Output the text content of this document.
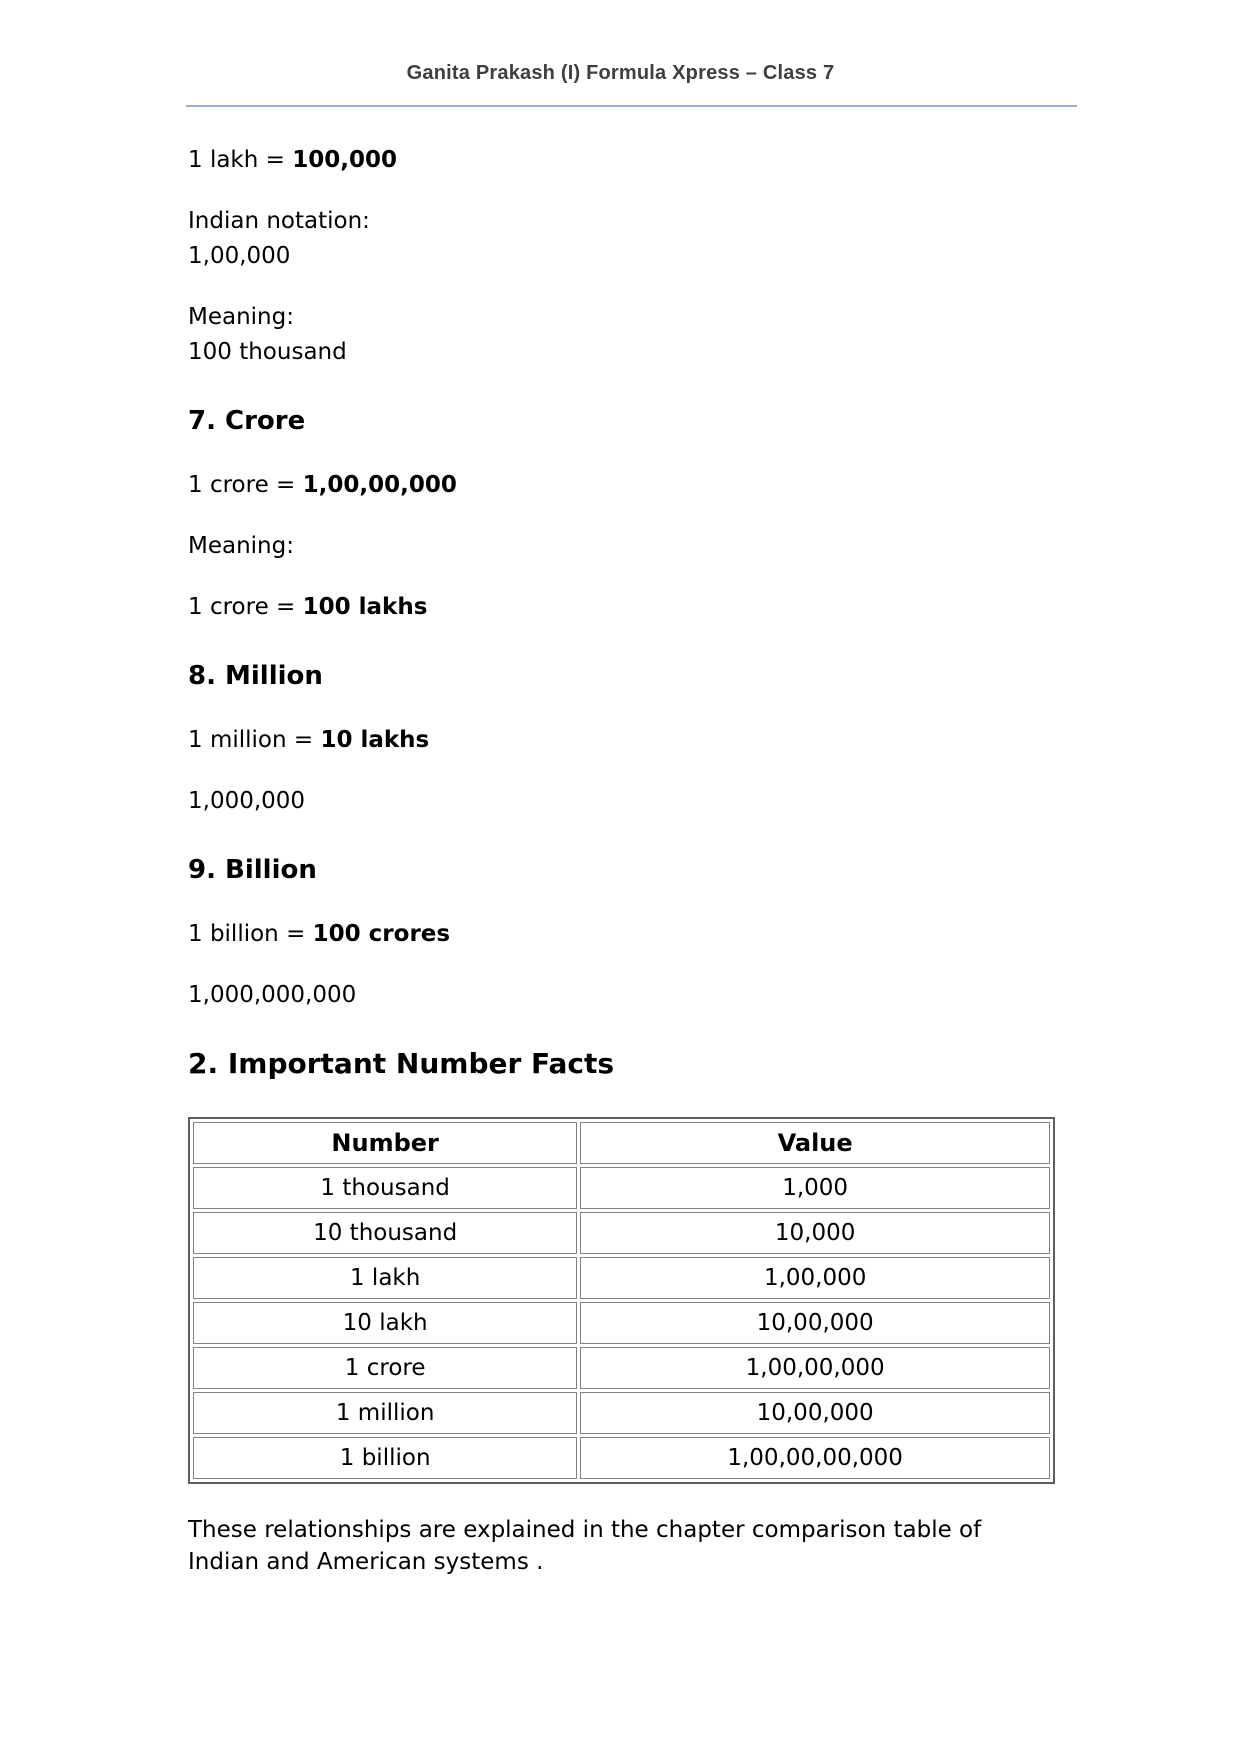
Ganita Prakash (I) Formula Xpress – Class 7

1 lakh = 100,000

Indian notation:
1,00,000

Meaning:
100 thousand

7. Crore

1 crore = 1,00,00,000

Meaning:

1 crore = 100 lakhs

8. Million

1 million = 10 lakhs

1,000,000

9. Billion

1 billion = 100 crores

1,000,000,000

2. Important Number Facts
Number	Value
1 thousand	1,000
10 thousand	10,000
1 lakh	1,00,000
10 lakh	10,00,000
1 crore	1,00,00,000
1 million	10,00,000
1 billion	1,00,00,00,000

These relationships are explained in the chapter comparison table of Indian and American systems .
